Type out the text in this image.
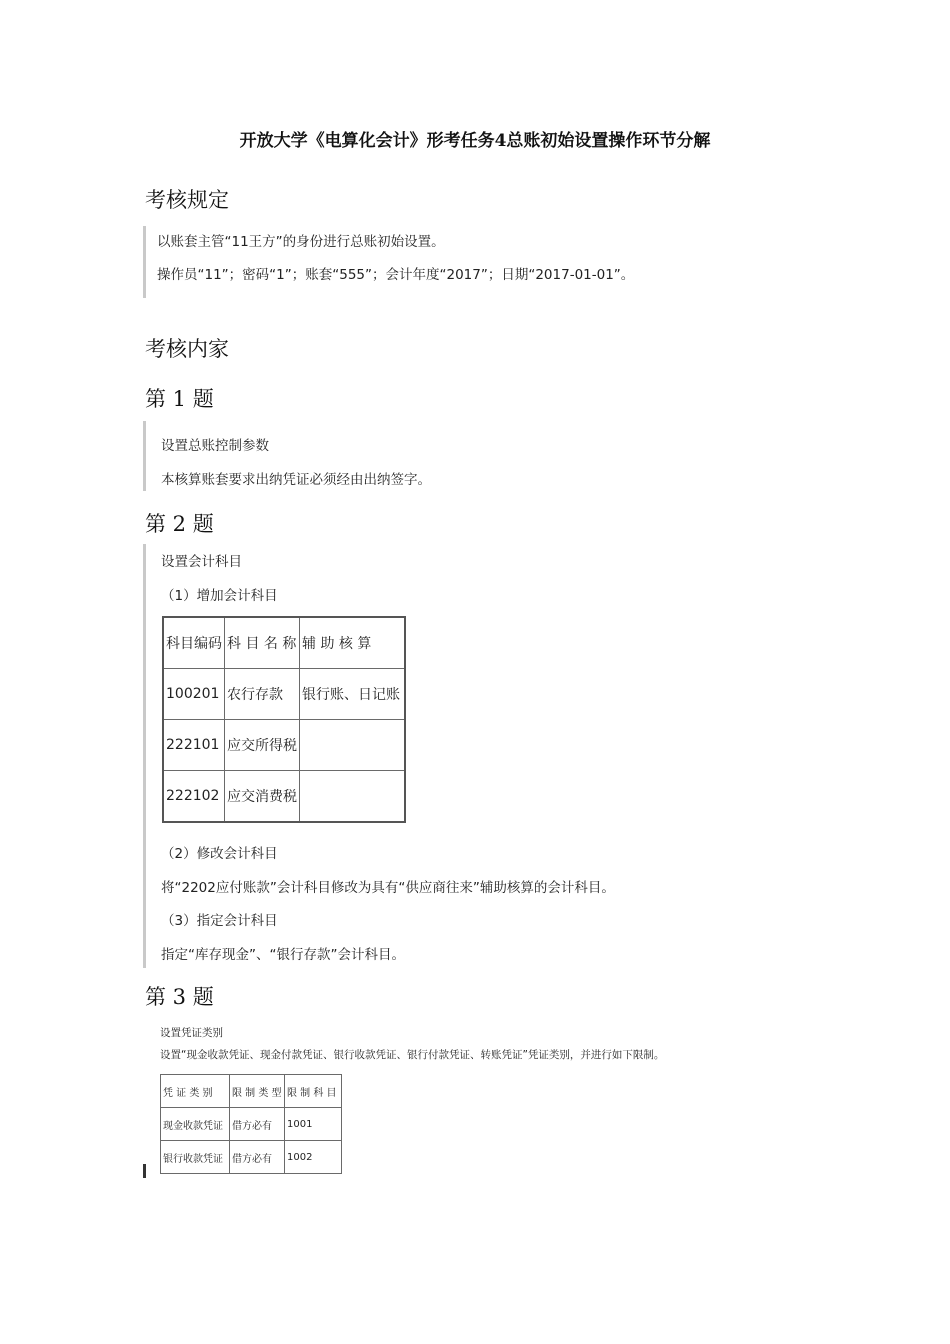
开放大学《电算化会计》形考任务4总账初始设置操作环节分解
考核规定
以账套主管“11王方”的身份进行总账初始设置。
操作员“11”；密码“1”；账套“555”；会计年度“2017”；日期“2017-01-01”。
考核内家
第 1 题
设置总账控制参数
本核算账套要求出纳凭证必须经由出纳签字。
第 2 题
设置会计科目
（1）增加会计科目
科目编码	科 目 名 称	辅 助 核 算
100201	农行存款	银行账、日记账
222101	应交所得税	
222102	应交消费税	
（2）修改会计科目
将“2202应付账款”会计科目修改为具有“供应商往来”辅助核算的会计科目。
（3）指定会计科目
指定“库存现金”、“银行存款”会计科目。
第 3 题
设置凭证类别
设置“现金收款凭证、现金付款凭证、银行收款凭证、银行付款凭证、转账凭证”凭证类别，并进行如下限制。
凭 证 类 别	限 制 类 型	限 制 科 目
现金收款凭证	借方必有	1001
银行收款凭证	借方必有	1002
